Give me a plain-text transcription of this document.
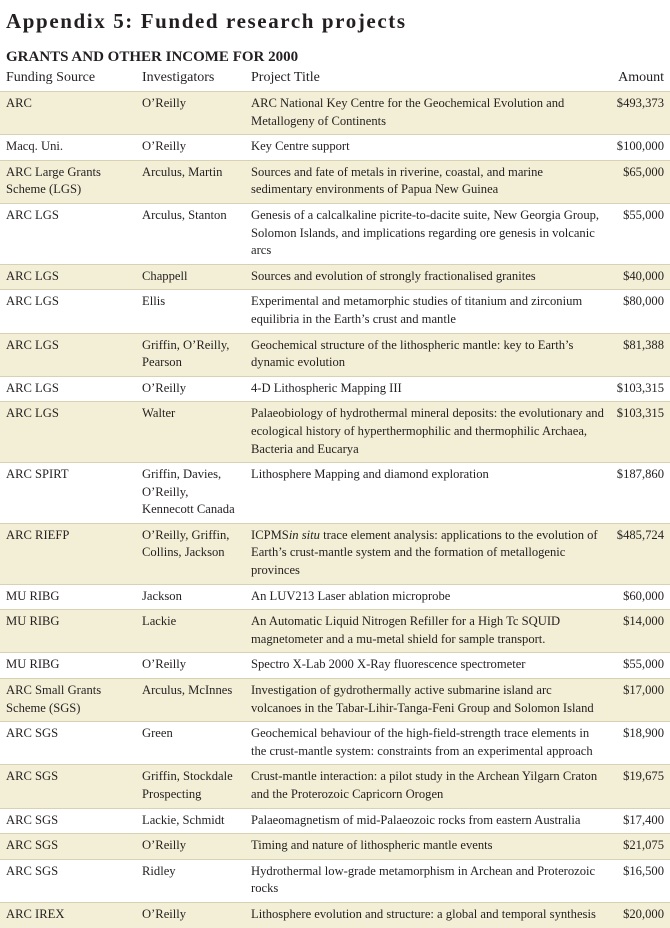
Appendix 5: Funded research projects
GRANTS AND OTHER INCOME FOR 2000
Funding Source	Investigators	Project Title	Amount
ARC	O’Reilly	ARC National Key Centre for the Geochemical Evolution and Metallogeny of Continents	$493,373
Macq. Uni.	O’Reilly	Key Centre support	$100,000
ARC Large Grants Scheme (LGS)	Arculus, Martin	Sources and fate of metals in riverine, coastal, and marine sedimentary environments of Papua New Guinea	$65,000
ARC LGS	Arculus, Stanton	Genesis of a calcalkaline picrite-to-dacite suite, New Georgia Group, Solomon Islands, and implications regarding ore genesis in volcanic arcs	$55,000
ARC LGS	Chappell	Sources and evolution of strongly fractionalised granites	$40,000
ARC LGS	Ellis	Experimental and metamorphic studies of titanium and zirconium equilibria in the Earth’s crust and mantle	$80,000
ARC LGS	Griffin, O’Reilly, Pearson	Geochemical structure of the lithospheric mantle: key to Earth’s dynamic evolution	$81,388
ARC LGS	O’Reilly	4-D Lithospheric Mapping III	$103,315
ARC LGS	Walter	Palaeobiology of hydrothermal mineral deposits: the evolutionary and ecological history of hyperthermophilic and thermophilic Archaea, Bacteria and Eucarya	$103,315
ARC SPIRT	Griffin, Davies, O’Reilly, Kennecott Canada	Lithosphere Mapping and diamond exploration	$187,860
ARC RIEFP	O’Reilly, Griffin, Collins, Jackson	ICPMSin situ trace element analysis: applications to the evolution of Earth’s crust-mantle system and the formation of metallogenic provinces	$485,724
MU RIBG	Jackson	An LUV213 Laser ablation microprobe	$60,000
MU RIBG	Lackie	An Automatic Liquid Nitrogen Refiller for a High Tc SQUID magnetometer and a mu-metal shield for sample transport.	$14,000
MU RIBG	O’Reilly	Spectro X-Lab 2000 X-Ray fluorescence spectrometer	$55,000
ARC Small Grants Scheme (SGS)	Arculus, McInnes	Investigation of gydrothermally active submarine island arc volcanoes in the Tabar-Lihir-Tanga-Feni Group and Solomon Island	$17,000
ARC SGS	Green	Geochemical behaviour of the high-field-strength trace elements in the crust-mantle system: constraints from an experimental approach	$18,900
ARC SGS	Griffin, Stockdale Prospecting	Crust-mantle interaction: a pilot study in the Archean Yilgarn Craton and the Proterozoic Capricorn Orogen	$19,675
ARC SGS	Lackie, Schmidt	Palaeomagnetism of mid-Palaeozoic rocks from eastern Australia	$17,400
ARC SGS	O’Reilly	Timing and nature of lithospheric mantle events	$21,075
ARC SGS	Ridley	Hydrothermal low-grade metamorphism in Archean and Proterozoic rocks	$16,500
ARC IREX	O’Reilly	Lithosphere evolution and structure: a global and temporal synthesis	$20,000
